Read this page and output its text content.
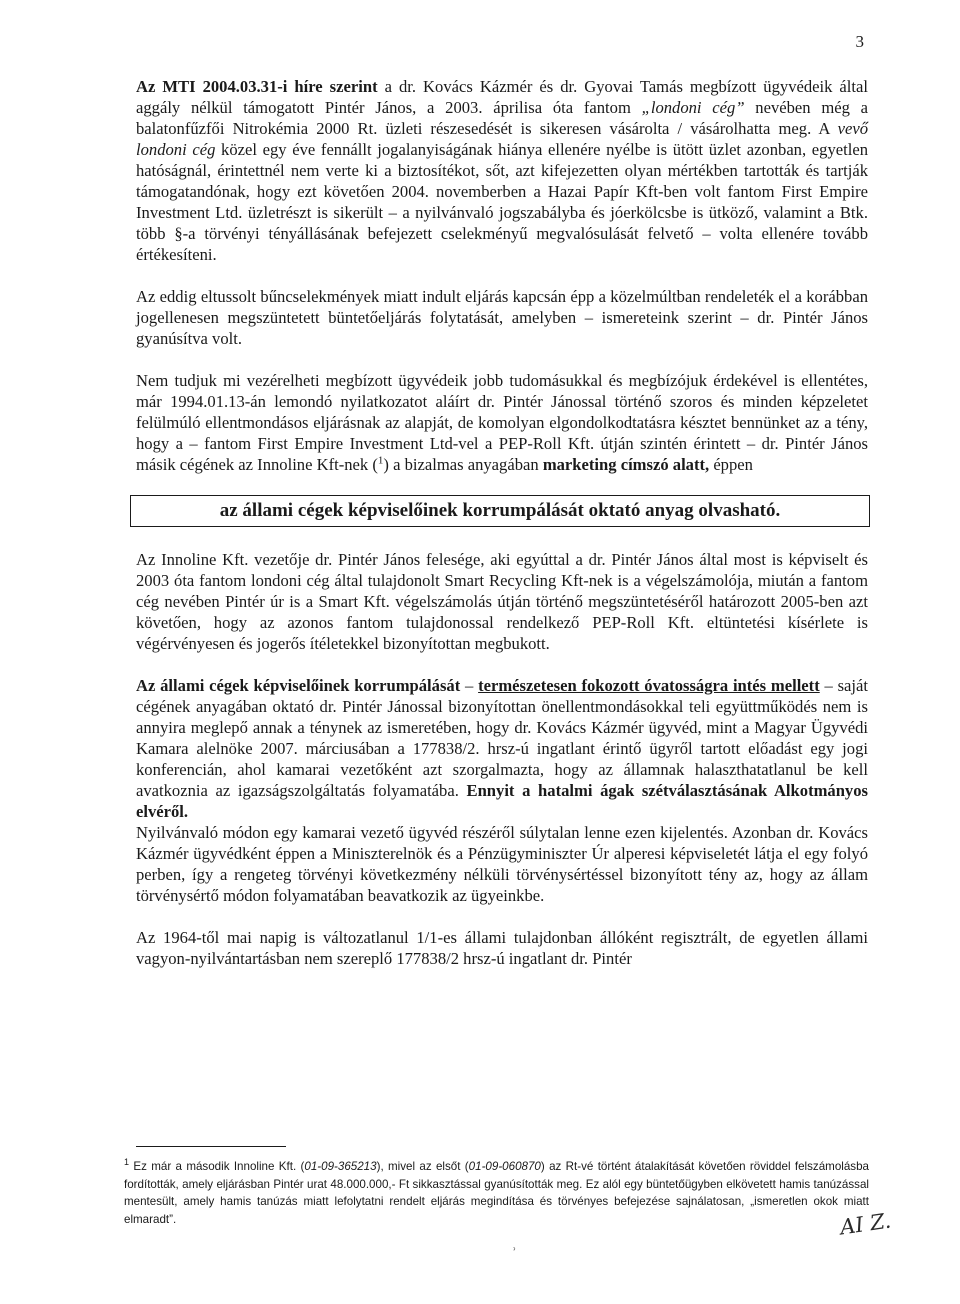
3

Az MTI 2004.03.31-i híre szerint a dr. Kovács Kázmér és dr. Gyovai Tamás megbízott ügyvédeik által aggály nélkül támogatott Pintér János, a 2003. áprilisa óta fantom „londoni cég” nevében még a balatonfűzfői Nitrokémia 2000 Rt. üzleti részesedését is sikeresen vásárolta / vásárolhatta meg. A vevő londoni cég közel egy éve fennállt jogalanyiságának hiánya ellenére nyélbe is ütött üzlet azonban, egyetlen hatóságnál, érintettnél nem verte ki a biztosítékot, sőt, azt kifejezetten olyan mértékben tartották és tartják támogatandónak, hogy ezt követően 2004. novemberben a Hazai Papír Kft-ben volt fantom First Empire Investment Ltd. üzletrészt is sikerült – a nyilvánvaló jogszabályba és jóerkölcsbe is ütköző, valamint a Btk. több §-a törvényi tényállásának befejezett cselekményű megvalósulását felvető – volta ellenére tovább értékesíteni.

Az eddig eltussolt bűncselekmények miatt indult eljárás kapcsán épp a közelmúltban rendeleték el a korábban jogellenesen megszüntetett büntetőeljárás folytatását, amelyben – ismereteink szerint – dr. Pintér János gyanúsítva volt.

Nem tudjuk mi vezérelheti megbízott ügyvédeik jobb tudomásukkal és megbízójuk érdekével is ellentétes, már 1994.01.13-án lemondó nyilatkozatot aláírt dr. Pintér Jánossal történő szoros és minden képzeletet felülmúló ellentmondásos eljárásnak az alapját, de komolyan elgondolkodtatásra késztet bennünket az a tény, hogy a – fantom First Empire Investment Ltd-vel a PEP-Roll Kft. útján szintén érintett – dr. Pintér János másik cégének az Innoline Kft-nek ($^1$) a bizalmas anyagában marketing címszó alatt, éppen

az állami cégek képviselőinek korrumpálását oktató anyag olvasható.

Az Innoline Kft. vezetője dr. Pintér János felesége, aki egyúttal a dr. Pintér János által most is képviselt és 2003 óta fantom londoni cég által tulajdonolt Smart Recycling Kft-nek is a végelszámolója, miután a fantom cég nevében Pintér úr is a Smart Kft. végelszámolás útján történő megszüntetéséről határozott 2005-ben azt követően, hogy az azonos fantom tulajdonossal rendelkező PEP-Roll Kft. eltüntetési kísérlete is végérvényesen és jogerős ítéletekkel bizonyítottan megbukott.

Az állami cégek képviselőinek korrumpálását – természetesen fokozott óvatosságra intés mellett – saját cégének anyagában oktató dr. Pintér Jánossal bizonyítottan önellentmondásokkal teli együttműködés nem is annyira meglepő annak a ténynek az ismeretében, hogy dr. Kovács Kázmér ügyvéd, mint a Magyar Ügyvédi Kamara alelnöke 2007. márciusában a 177838/2. hrsz-ú ingatlant érintő ügyről tartott előadást egy jogi konferencián, ahol kamarai vezetőként azt szorgalmazta, hogy az államnak halaszthatatlanul be kell avatkoznia az igazságszolgáltatás folyamatába. Ennyit a hatalmi ágak szétválasztásának Alkotmányos elvéről.

Nyilvánvaló módon egy kamarai vezető ügyvéd részéről súlytalan lenne ezen kijelentés. Azonban dr. Kovács Kázmér ügyvédként éppen a Miniszterelnök és a Pénzügyminiszter Úr alperesi képviseletét látja el egy folyó perben, így a rengeteg törvényi következmény nélküli törvénysértéssel bizonyított tény az, hogy az állam törvénysértő módon folyamatában beavatkozik az ügyeinkbe.

Az 1964-től mai napig is változatlanul 1/1-es állami tulajdonban állóként regisztrált, de egyetlen állami vagyon-nyilvántartásban nem szereplő 177838/2 hrsz-ú ingatlant dr. Pintér

$^1$ Ez már a második Innoline Kft. (01-09-365213), mivel az elsőt (01-09-060870) az Rt-vé történt átalakítását követően röviddel felszámolásba fordították, amely eljárásban Pintér urat 48.000.000,- Ft sikkasztással gyanúsították meg. Ez alól egy büntetőügyben elkövetett hamis tanúzással mentesült, amely hamis tanúzás miatt lefolytatni rendelt eljárás megindítása és törvényes befejezése sajnálatosan, „ismeretlen okok miatt elmaradt”.	AI Z.
⸒
